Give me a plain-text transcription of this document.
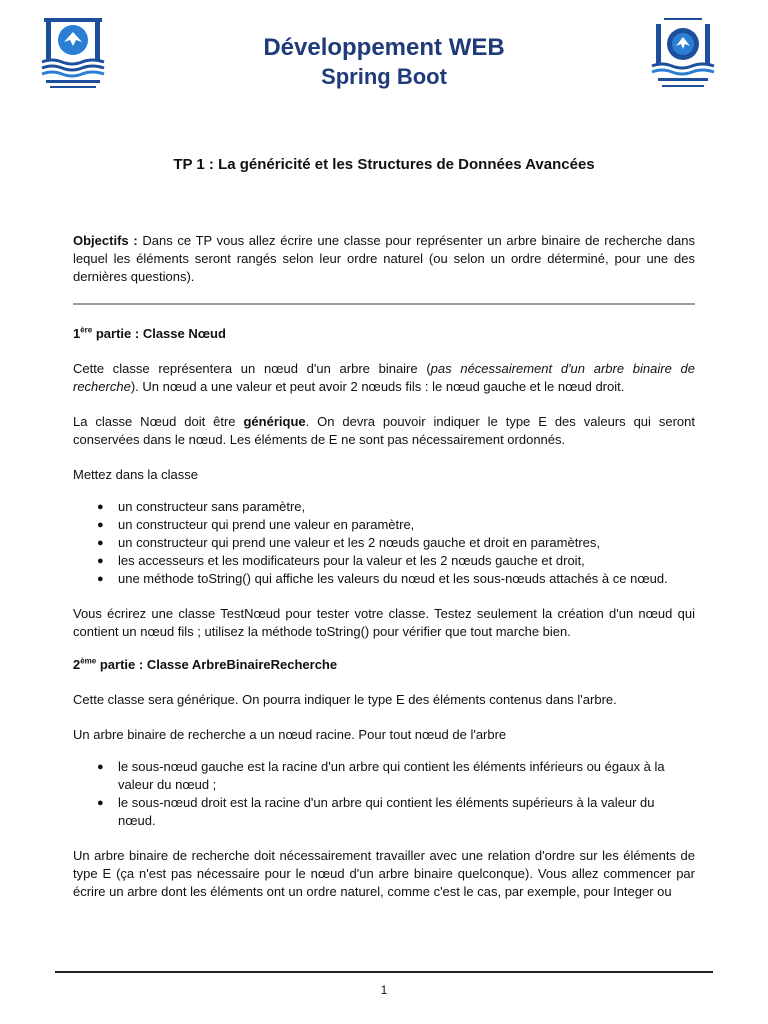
Développement WEB
Spring Boot
TP 1 : La généricité et les Structures de Données Avancées

Objectifs : Dans ce TP vous allez écrire une classe pour représenter un arbre binaire de recherche dans lequel les éléments seront rangés selon leur ordre naturel (ou selon un ordre déterminé, pour une des dernières questions).

1ère partie : Classe Nœud

Cette classe représentera un nœud d'un arbre binaire (pas nécessairement d'un arbre binaire de recherche). Un nœud a une valeur et peut avoir 2 nœuds fils : le nœud gauche et le nœud droit.

La classe Nœud doit être générique. On devra pouvoir indiquer le type E des valeurs qui seront conservées dans le nœud. Les éléments de E ne sont pas nécessairement ordonnés.

Mettez dans la classe

● un constructeur sans paramètre,
● un constructeur qui prend une valeur en paramètre,
● un constructeur qui prend une valeur et les 2 nœuds gauche et droit en paramètres,
● les accesseurs et les modificateurs pour la valeur et les 2 nœuds gauche et droit,
● une méthode toString() qui affiche les valeurs du nœud et les sous-nœuds attachés à ce nœud.

Vous écrirez une classe TestNœud pour tester votre classe. Testez seulement la création d'un nœud qui contient un nœud fils ; utilisez la méthode toString() pour vérifier que tout marche bien.

2ème partie : Classe ArbreBinaireRecherche

Cette classe sera générique. On pourra indiquer le type E des éléments contenus dans l'arbre.

Un arbre binaire de recherche a un nœud racine. Pour tout nœud de l'arbre

● le sous-nœud gauche est la racine d'un arbre qui contient les éléments inférieurs ou égaux à la valeur du nœud ;
● le sous-nœud droit est la racine d'un arbre qui contient les éléments supérieurs à la valeur du nœud.

Un arbre binaire de recherche doit nécessairement travailler avec une relation d'ordre sur les éléments de type E (ça n'est pas nécessaire pour le nœud d'un arbre binaire quelconque). Vous allez commencer par écrire un arbre dont les éléments ont un ordre naturel, comme c'est le cas, par exemple, pour Integer ou

1
